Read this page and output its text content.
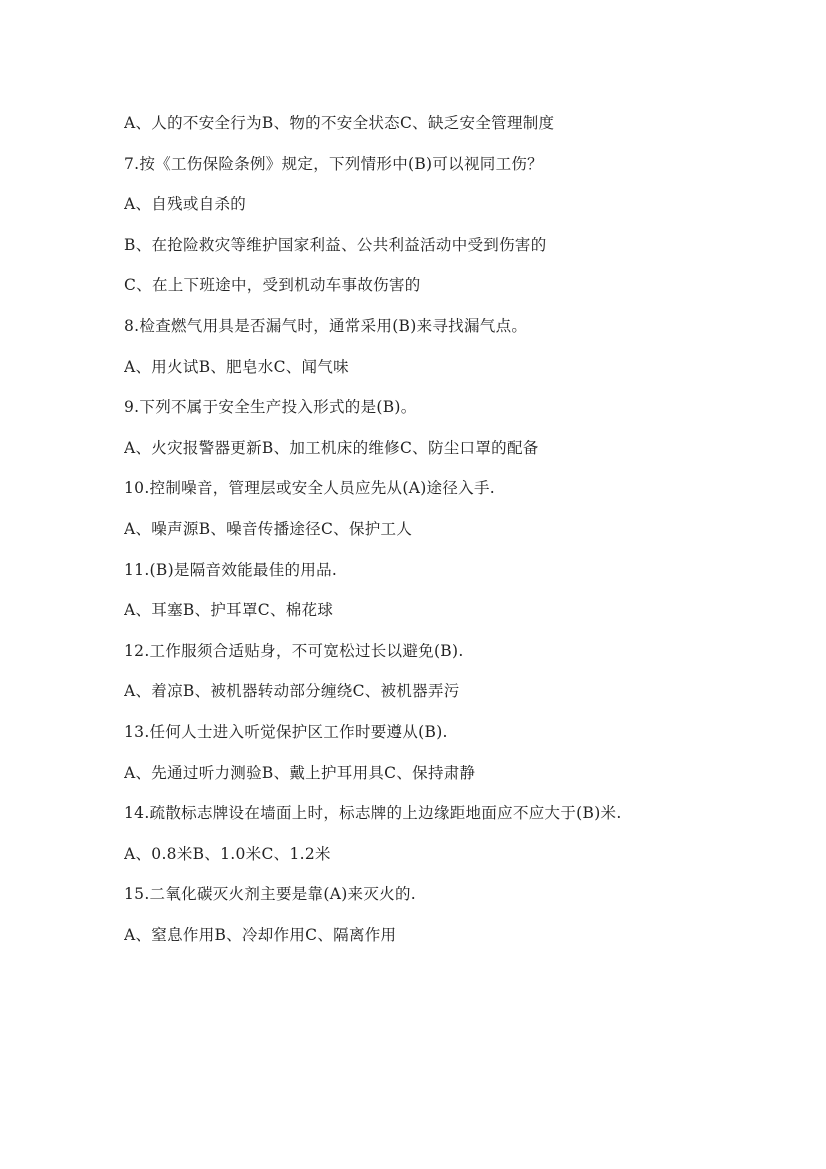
A、人的不安全行为B、物的不安全状态C、缺乏安全管理制度
7.按《工伤保险条例》规定，下列情形中(B)可以视同工伤？
A、自残或自杀的
B、在抢险救灾等维护国家利益、公共利益活动中受到伤害的
C、在上下班途中，受到机动车事故伤害的
8.检查燃气用具是否漏气时，通常采用(B)来寻找漏气点。
A、用火试B、肥皂水C、闻气味
9.下列不属于安全生产投入形式的是(B)。
A、火灾报警器更新B、加工机床的维修C、防尘口罩的配备
10.控制噪音，管理层或安全人员应先从(A)途径入手.
A、噪声源B、噪音传播途径C、保护工人
11.(B)是隔音效能最佳的用品.
A、耳塞B、护耳罩C、棉花球
12.工作服须合适贴身，不可宽松过长以避免(B).
A、着凉B、被机器转动部分缠绕C、被机器弄污
13.任何人士进入听觉保护区工作时要遵从(B).
A、先通过听力测验B、戴上护耳用具C、保持肃静
14.疏散标志牌设在墙面上时，标志牌的上边缘距地面应不应大于(B)米.
A、0.8米B、1.0米C、1.2米
15.二氧化碳灭火剂主要是靠(A)来灭火的.
A、窒息作用B、冷却作用C、隔离作用
